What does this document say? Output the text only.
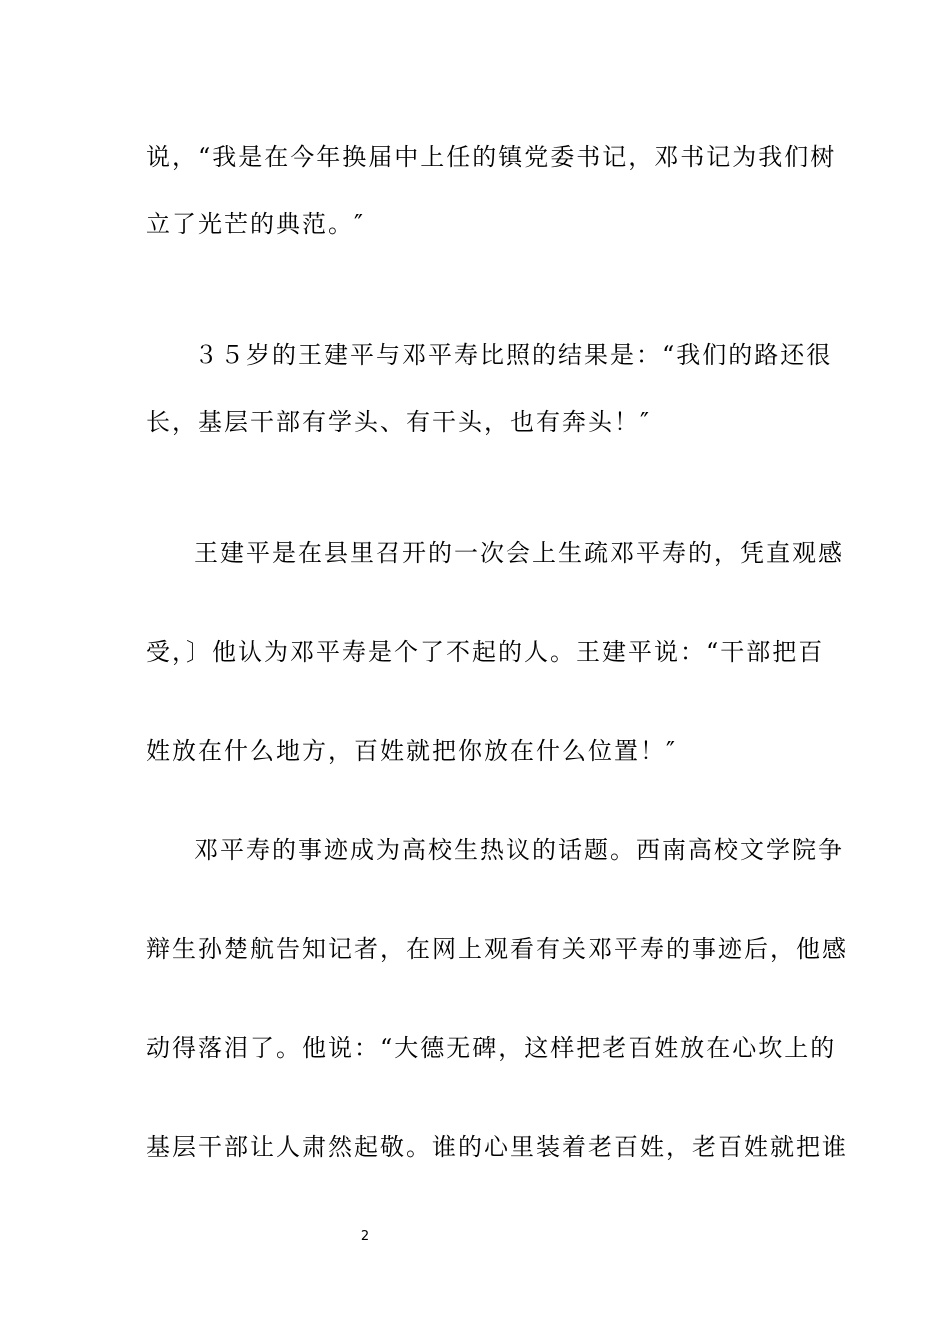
说，“我是在今年换届中上任的镇党委书记，邓书记为我们树
立了光芒的典范。″
３５岁的王建平与邓平寿比照的结果是：“我们的路还很
长，基层干部有学头、有干头，也有奔头！″
王建平是在县里召开的一次会上生疏邓平寿的，凭直观感
受，〕他认为邓平寿是个了不起的人。王建平说：“干部把百
姓放在什么地方，百姓就把你放在什么位置！″
邓平寿的事迹成为高校生热议的话题。西南高校文学院争
辩生孙楚航告知记者，在网上观看有关邓平寿的事迹后，他感
动得落泪了。他说：“大德无碑，这样把老百姓放在心坎上的
基层干部让人肃然起敬。谁的心里装着老百姓，老百姓就把谁
2
